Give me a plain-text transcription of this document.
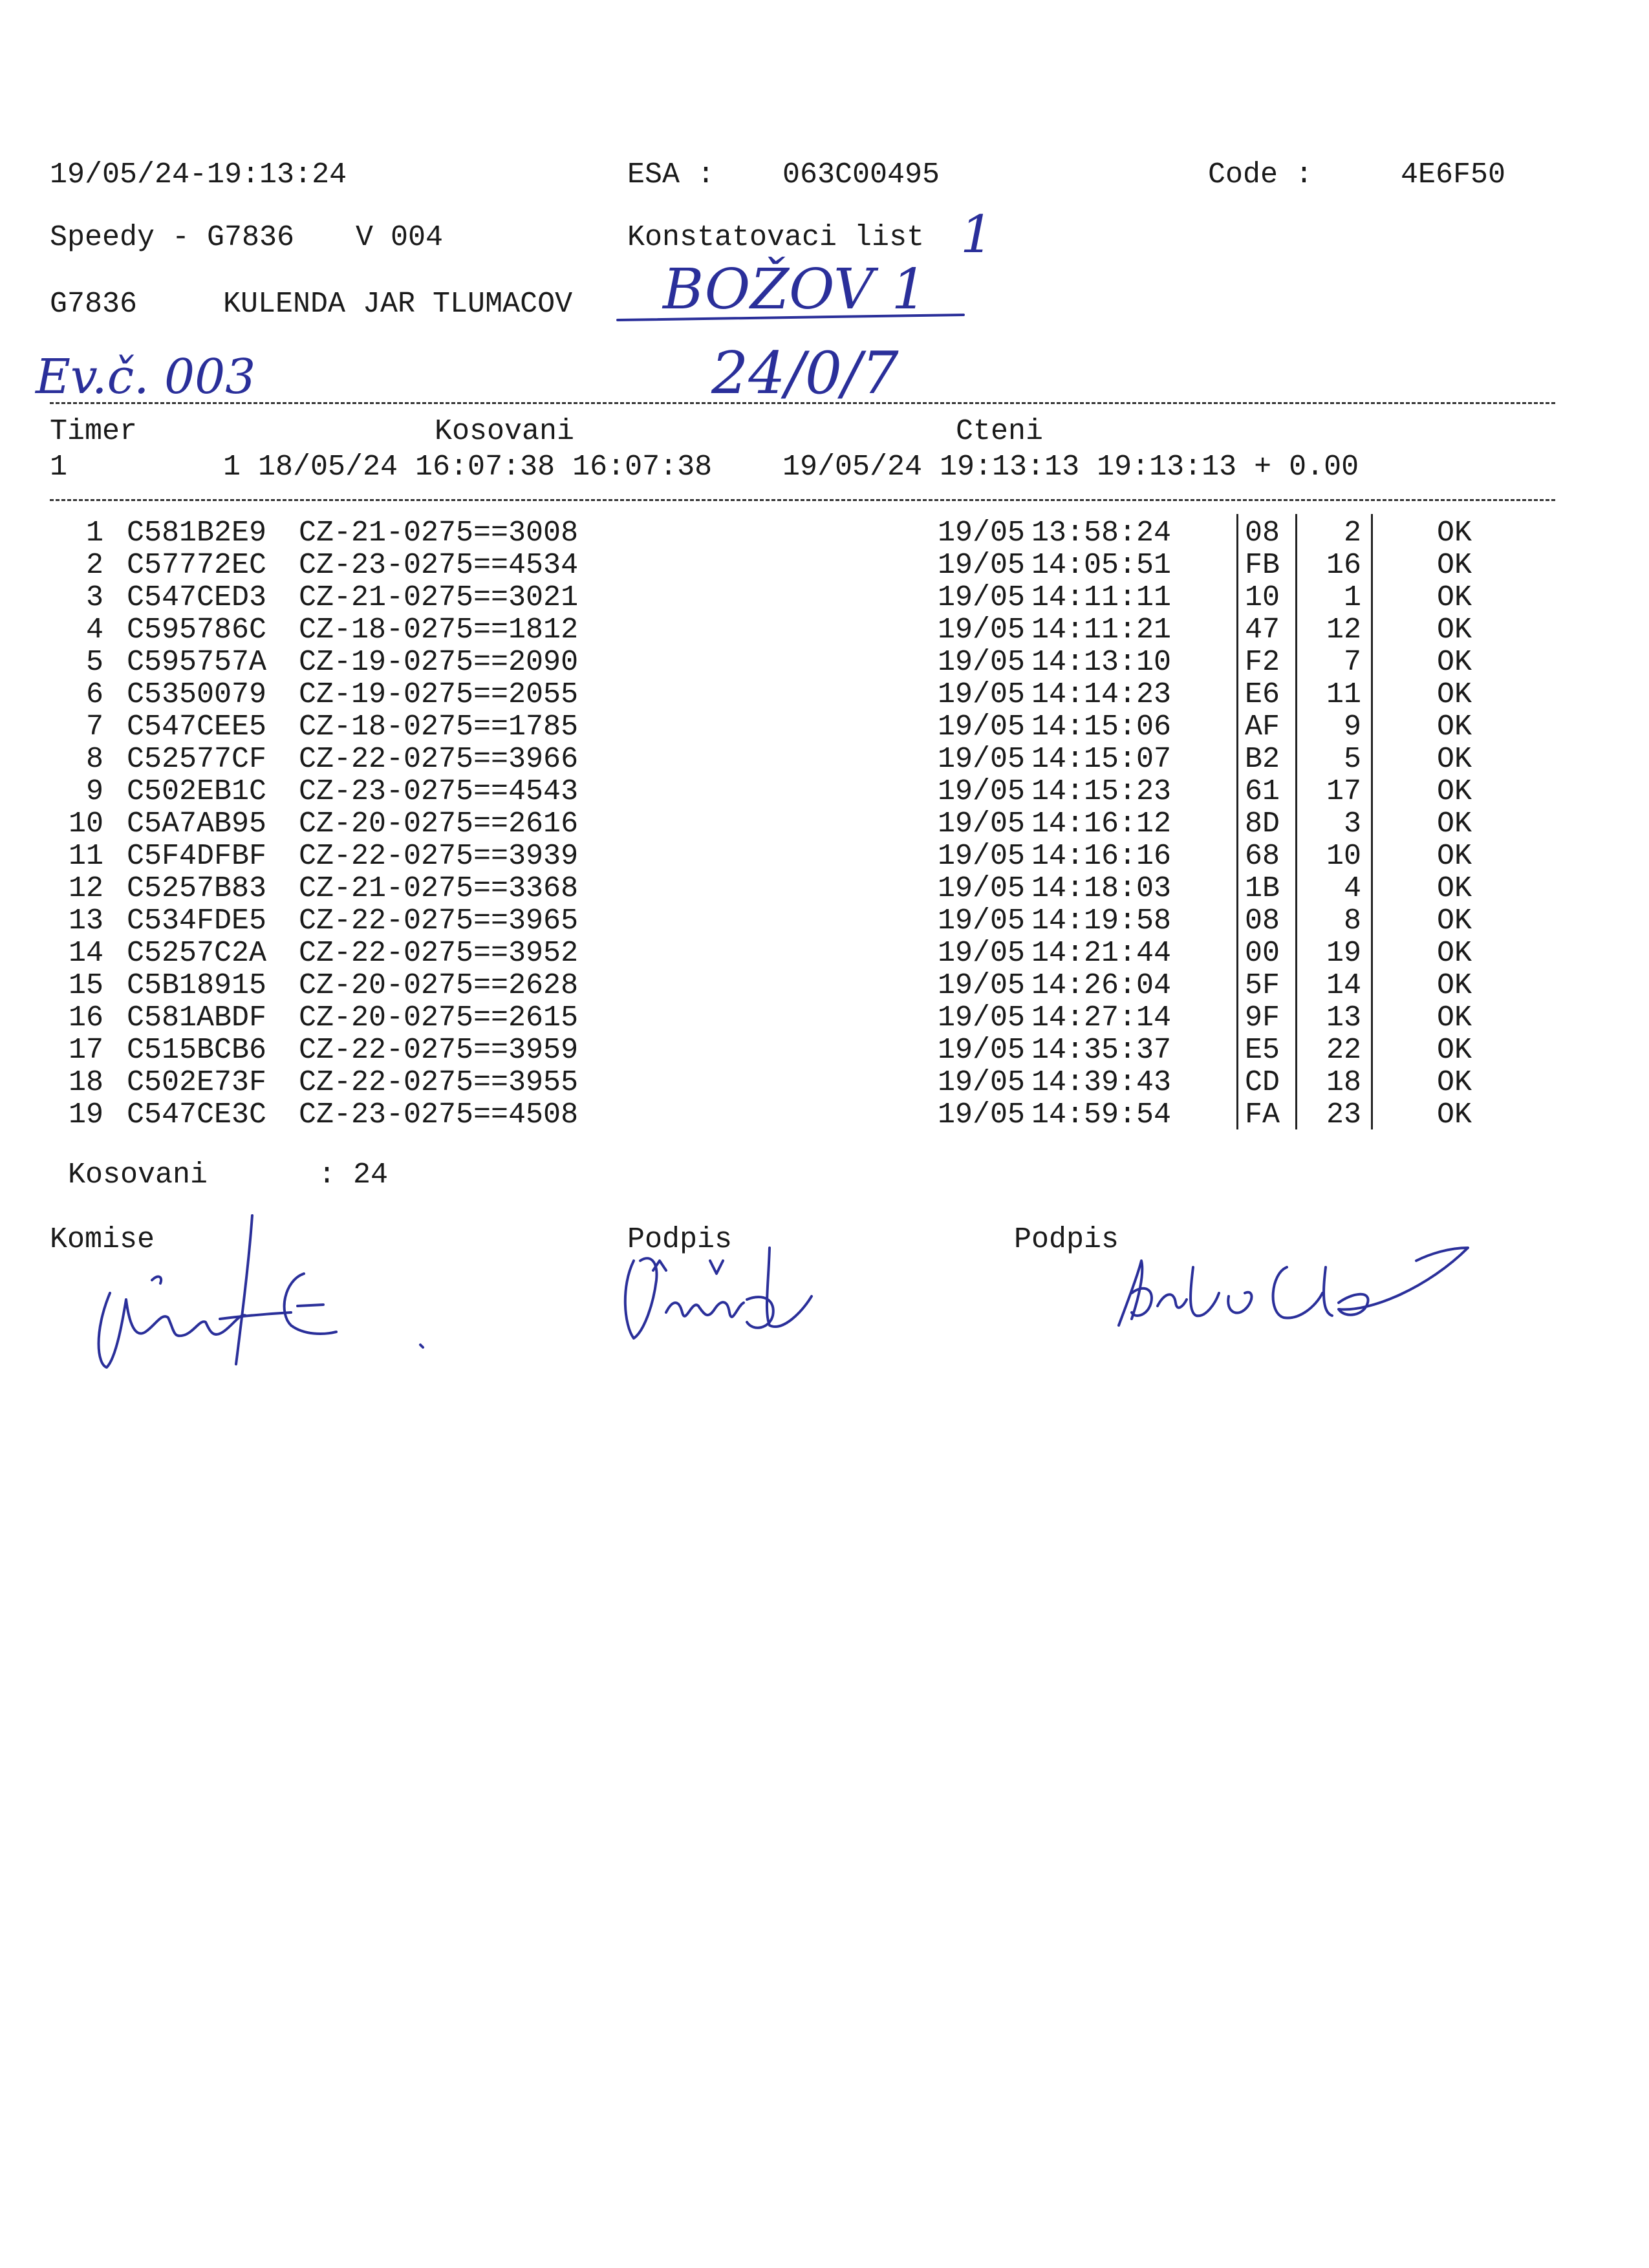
19/05/24-19:13:24	ESA : 063C00495	Code :	4E6F50
Speedy - G7836 V 004	Konstatovaci list
G7836	KULENDA JAR TLUMACOV
1
BOŽOV 1
Ev.č. 003	24/0/7
Timer	Kosovani	Cteni
1	1 18/05/24 16:07:38 16:07:38 19/05/24 19:13:13 19:13:13 + 0.00
1 C581B2E9 CZ-21-0275==3008	19/05 13:58:24	08	2	OK
2 C57772EC CZ-23-0275==4534	19/05 14:05:51	FB	16	OK
3 C547CED3 CZ-21-0275==3021	19/05 14:11:11	10	1	OK
4 C595786C CZ-18-0275==1812	19/05 14:11:21	47	12	OK
5 C595757A CZ-19-0275==2090	19/05 14:13:10	F2	7	OK
6 C5350079 CZ-19-0275==2055	19/05 14:14:23	E6	11	OK
7 C547CEE5 CZ-18-0275==1785	19/05 14:15:06	AF	9	OK
8 C52577CF CZ-22-0275==3966	19/05 14:15:07	B2	5	OK
9 C502EB1C CZ-23-0275==4543	19/05 14:15:23	61	17	OK
10 C5A7AB95 CZ-20-0275==2616	19/05 14:16:12	8D	3	OK
11 C5F4DFBF CZ-22-0275==3939	19/05 14:16:16	68	10	OK
12 C5257B83 CZ-21-0275==3368	19/05 14:18:03	1B	4	OK
13 C534FDE5 CZ-22-0275==3965	19/05 14:19:58	08	8	OK
14 C5257C2A CZ-22-0275==3952	19/05 14:21:44	00	19	OK
15 C5B18915 CZ-20-0275==2628	19/05 14:26:04	5F	14	OK
16 C581ABDF CZ-20-0275==2615	19/05 14:27:14	9F	13	OK
17 C515BCB6 CZ-22-0275==3959	19/05 14:35:37	E5	22	OK
18 C502E73F CZ-22-0275==3955	19/05 14:39:43	CD	18	OK
19 C547CE3C CZ-23-0275==4508	19/05 14:59:54	FA	23	OK
Kosovani	: 24
Komise	Podpis	Podpis
